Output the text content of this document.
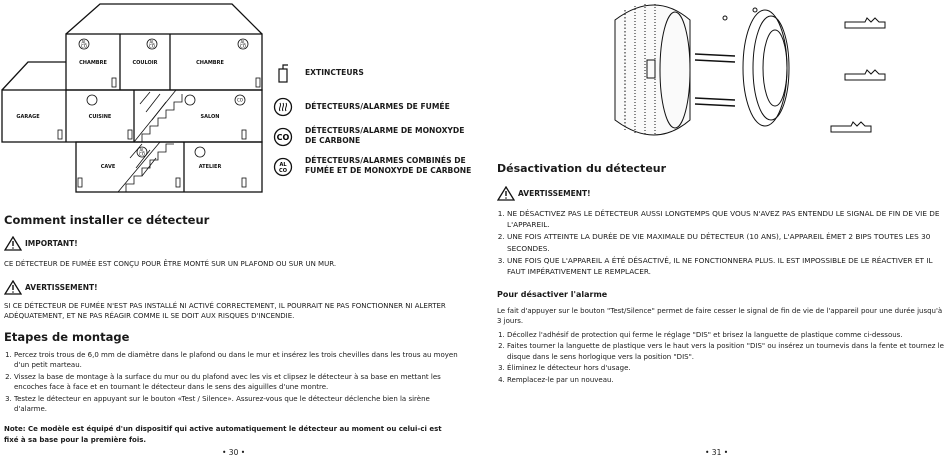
AL
CO
AL
CO
AL
CO
CO
AL
CO
CHAMBRE	COULOIR	CHAMBRE
GARAGE	CUISINE	SALON
CAVE	ATELIER
EXTINCTEURS
DÉTECTEURS/ALARMES DE FUMÉE
CO
DÉTECTEURS/ALARME DE MONOXYDE DE CARBONE
AL
CO
DÉTECTEURS/ALARMES COMBINÉS DE FUMÉE ET DE MONOXYDE DE CARBONE
Comment installer ce détecteur
IMPORTANT!
CE DÉTECTEUR DE FUMÉE EST CONÇU POUR ÊTRE MONTÉ SUR UN PLAFOND OU SUR UN MUR.
AVERTISSEMENT!
SI CE DÉTECTEUR DE FUMÉE N'EST PAS INSTALLÉ NI ACTIVÉ CORRECTEMENT, IL POURRAIT NE PAS FONCTIONNER NI ALERTER ADÉQUATEMENT, ET NE PAS RÉAGIR COMME IL SE DOIT AUX RISQUES D'INCENDIE.
Etapes de montage
1. Percez trois trous de 6,0 mm de diamètre dans le plafond ou dans le mur et insérez les trois chevilles dans les trous au moyen d'un petit marteau.
2. Vissez la base de montage à la surface du mur ou du plafond avec les vis et clipsez le détecteur à sa base en mettant les encoches face à face et en tournant le détecteur dans le sens des aiguilles d'une montre.
3. Testez le détecteur en appuyant sur le bouton «Test / Silence». Assurez-vous que le détecteur déclenche bien la sirène d'alarme.
Note: Ce modèle est équipé d'un dispositif qui active automatiquement le détecteur au moment ou celui-ci est fixé à sa base pour la première fois.
• 30 •
Désactivation du détecteur
AVERTISSEMENT!
1. NE DÉSACTIVEZ PAS LE DÉTECTEUR AUSSI LONGTEMPS QUE VOUS N'AVEZ PAS ENTENDU LE SIGNAL DE FIN DE VIE DE L'APPAREIL.
2. UNE FOIS ATTEINTE LA DURÉE DE VIE MAXIMALE DU DÉTECTEUR (10 ANS), L'APPAREIL ÉMET 2 BIPS TOUTES LES 30 SECONDES.
3. UNE FOIS QUE L'APPAREIL A ÉTÉ DÉSACTIVÉ, IL NE FONCTIONNERA PLUS. IL EST IMPOSSIBLE DE LE RÉACTIVER ET IL FAUT IMPÉRATIVEMENT LE REMPLACER.
Pour désactiver l'alarme
Le fait d'appuyer sur le bouton "Test/Silence" permet de faire cesser le signal de fin de vie de l'appareil pour une durée jusqu'à 3 jours.
1. Décollez l'adhésif de protection qui ferme le réglage "DIS" et brisez la languette de plastique comme ci-dessous.
2. Faites tourner la languette de plastique vers le haut vers la position "DIS" ou insérez un tournevis dans la fente et tournez le disque dans le sens horlogique vers la position "DIS".
3. Éliminez le détecteur hors d'usage.
4. Remplacez-le par un nouveau.
• 31 •
